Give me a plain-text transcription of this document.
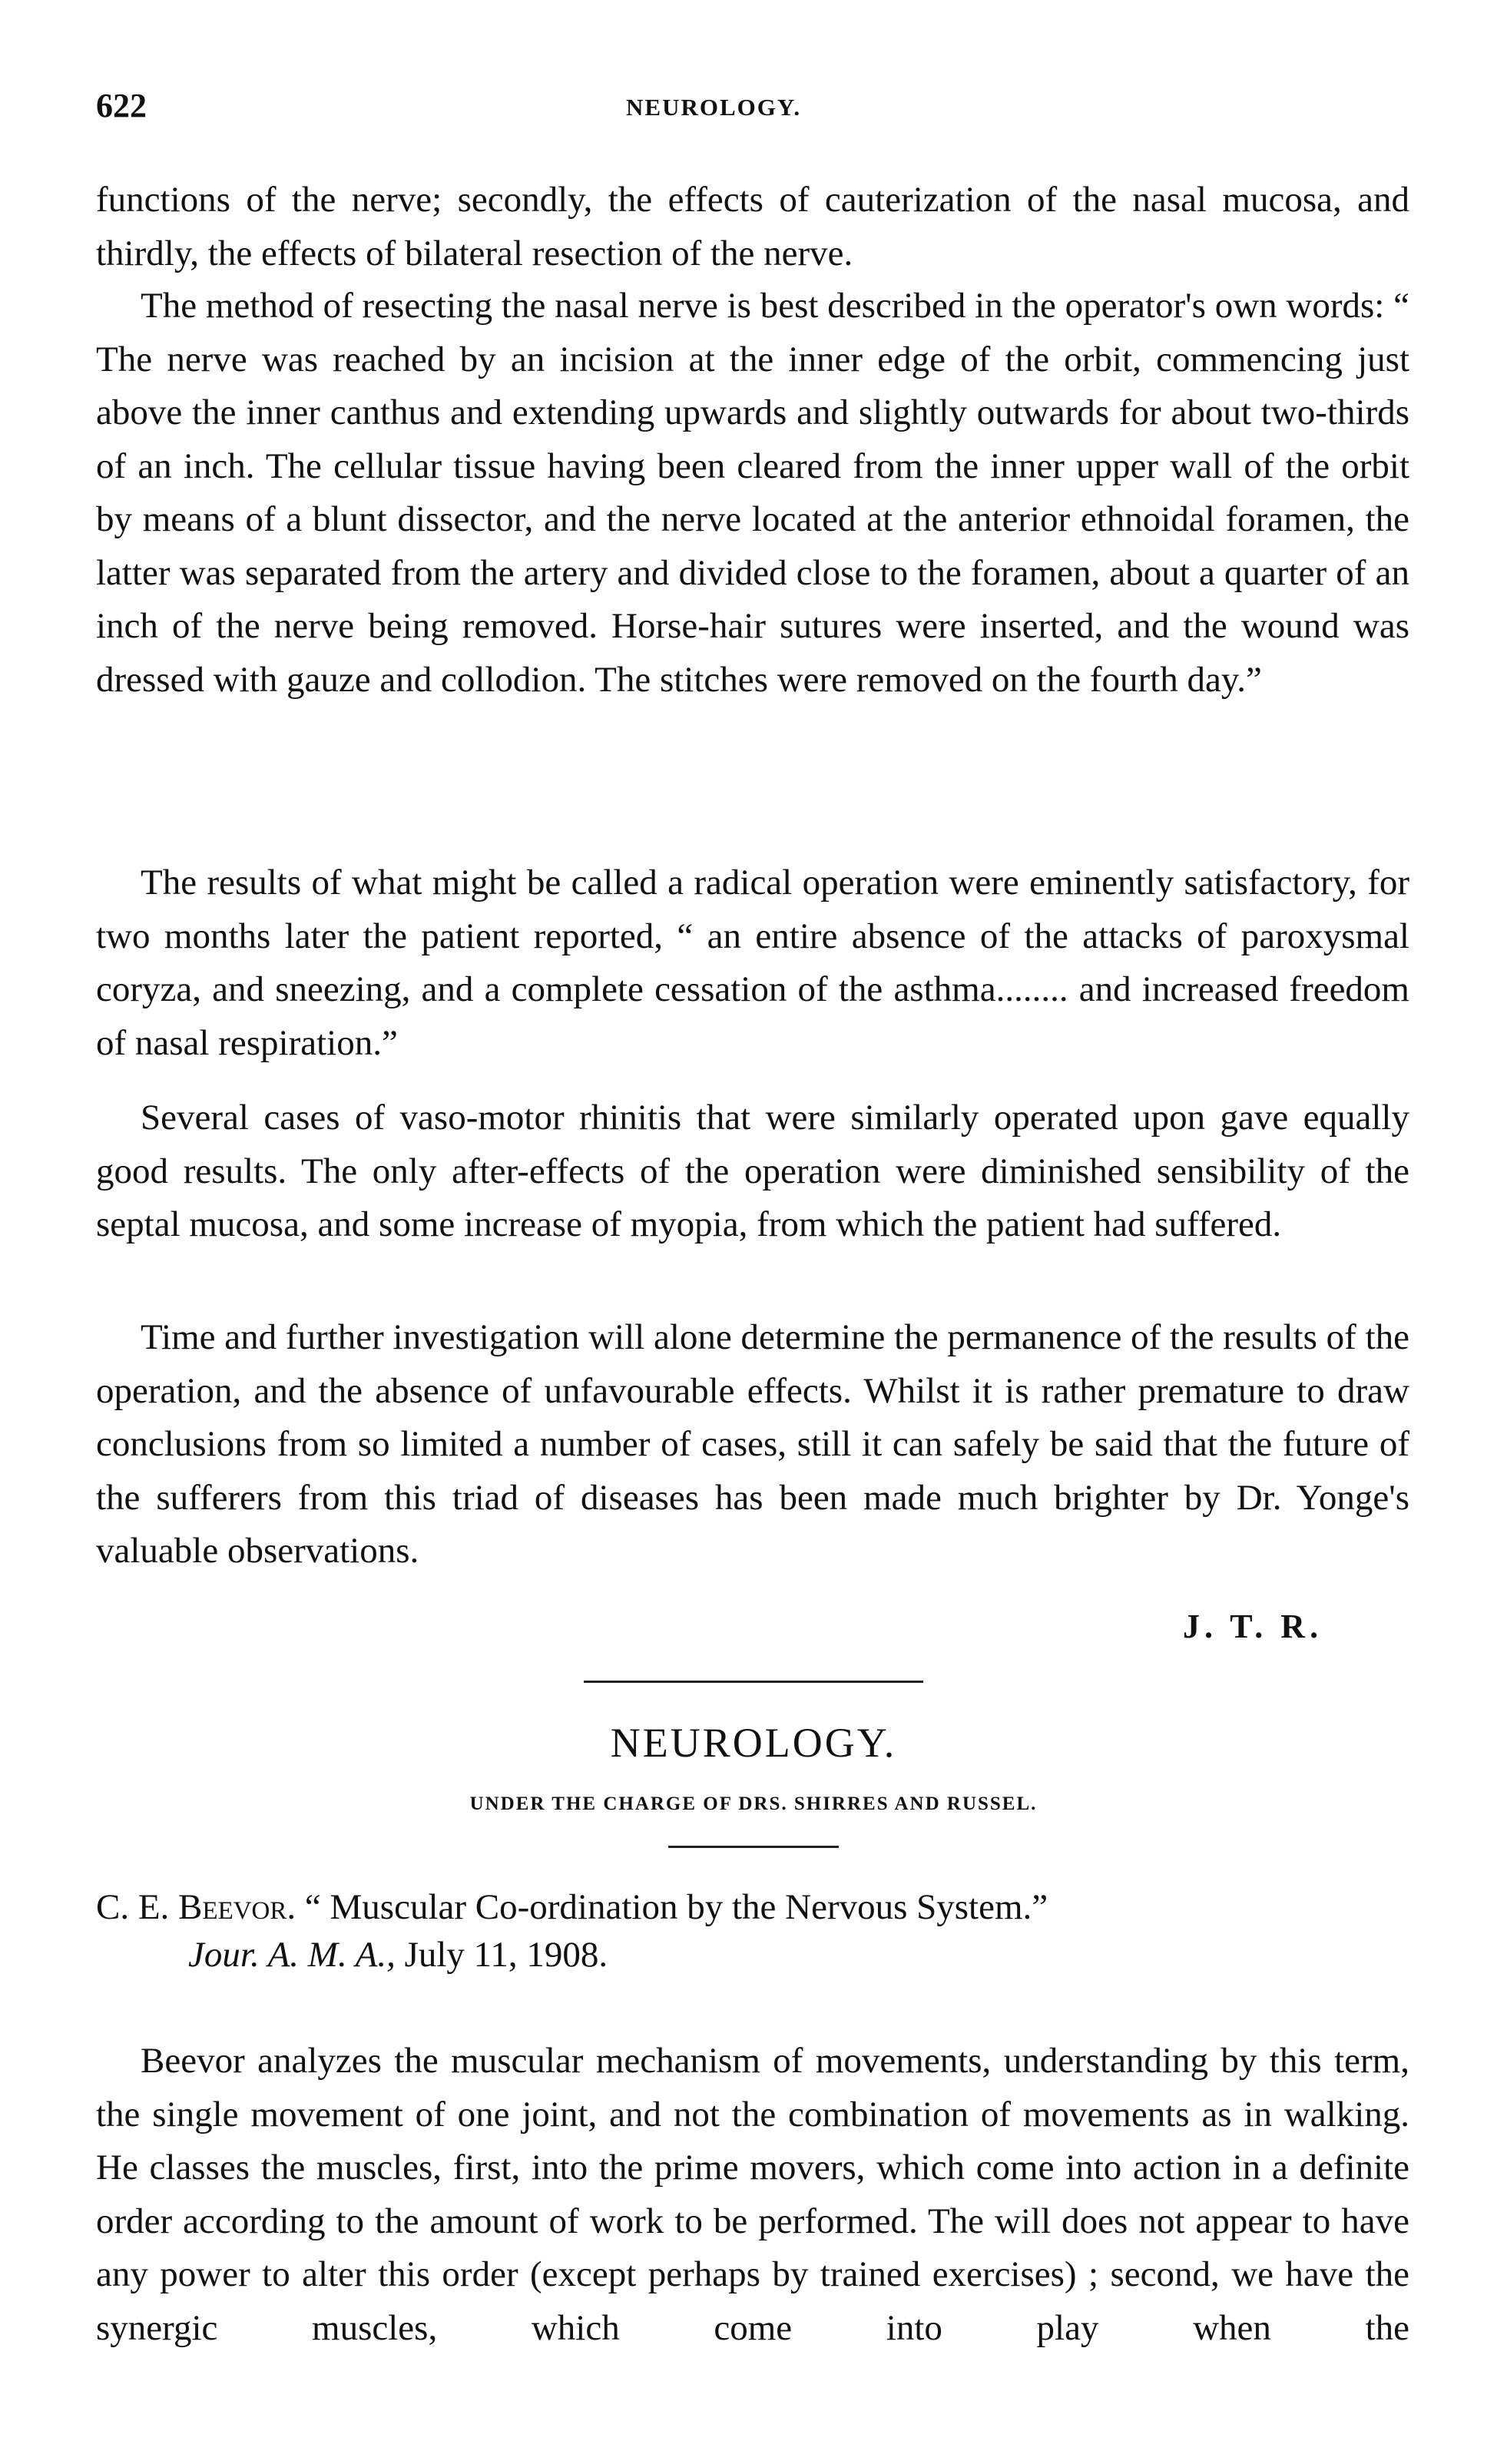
622	NEUROLOGY.

functions of the nerve; secondly, the effects of cauterization of the nasal mucosa, and thirdly, the effects of bilateral resection of the nerve.

The method of resecting the nasal nerve is best described in the operator's own words: “ The nerve was reached by an incision at the inner edge of the orbit, commencing just above the inner canthus and extending upwards and slightly outwards for about two-thirds of an inch. The cellular tissue having been cleared from the inner upper wall of the orbit by means of a blunt dissector, and the nerve located at the anterior ethnoidal foramen, the latter was separated from the artery and divided close to the foramen, about a quarter of an inch of the nerve being removed. Horse-hair sutures were inserted, and the wound was dressed with gauze and collodion. The stitches were removed on the fourth day.”

The results of what might be called a radical operation were eminently satisfactory, for two months later the patient reported, “ an entire absence of the attacks of paroxysmal coryza, and sneezing, and a complete cessation of the asthma........ and increased freedom of nasal respiration.”

Several cases of vaso-motor rhinitis that were similarly operated upon gave equally good results. The only after-effects of the operation were diminished sensibility of the septal mucosa, and some increase of myopia, from which the patient had suffered.

Time and further investigation will alone determine the permanence of the results of the operation, and the absence of unfavourable effects. Whilst it is rather premature to draw conclusions from so limited a number of cases, still it can safely be said that the future of the sufferers from this triad of diseases has been made much brighter by Dr. Yonge's valuable observations.

J. T. R.
NEUROLOGY.
UNDER THE CHARGE OF DRS. SHIRRES AND RUSSEL.
C. E. Beevor. “ Muscular Co-ordination by the Nervous System.”
Jour. A. M. A., July 11, 1908.

Beevor analyzes the muscular mechanism of movements, understanding by this term, the single movement of one joint, and not the combination of movements as in walking. He classes the muscles, first, into the prime movers, which come into action in a definite order according to the amount of work to be performed. The will does not appear to have any power to alter this order (except perhaps by trained exercises) ; second, we have the synergic muscles, which come into play when the
